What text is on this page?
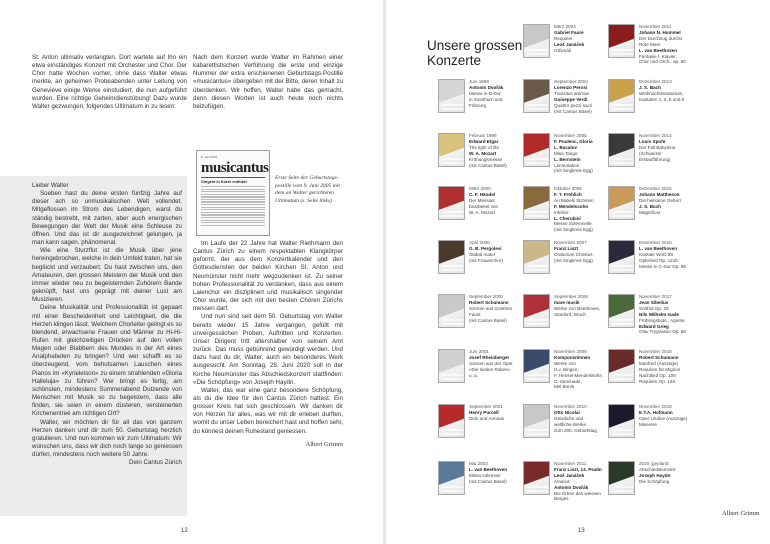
St. Anton ultimativ verlangten. Dort wartete auf Ihn ein etwa einständiges Konzert mit Orchester und Chor. Der Chor hatte Wochen vorher, ohne dass Walter etwas merkte, an geheimen Probeabenden unter Leitung von Geneviève einige Werke einstudiert, die nun aufgeführt wurden. Eine richtige Geheimdienstübung! Dazu wurde Walter gezwungen, folgendes Ultimatum in zu lesen:

Lieber Walter

Soeben hast du deine ersten fünfzig Jahre auf dieser ach so unmusikalischen Welt vollendet. Mitgeflossen im Strom des Lebendigen, warst du ständig bestrebt, mit zarten, aber auch energischen Bewegungen der Welt der Musik eine Schleuse zu öffnen. Und das ist dir ausgezeichnet gelungen, ja man kann sagen, phänomenal.

Wie eine Sturzflut ist die Musik über jene hereingebrochen, welche in dein Umfeld traten, hat sie beglückt und verzaubert. Du hast zwischen uns, den Amateuren, den grossen Meistern der Musik und den immer wieder neu zu begeisternden Zuhörern Bande geknüpft, hast uns geprägt mit deiner Lust am Musizieren.

Deine Musikalität und Professionalität ist gepaart mit einer Bescheidenheit und Leichtigkeit, die die Herzen klingen lässt. Welchem Chorleiter gelingt es so blendend, erwachsene Frauen und Männer zu Hi-Hi-Rufen mit gleichzeitigen Drücken auf den vollen Magen oder Blabbern des Mundes in der Art eines Analphabeten zu bringen? Und wer schafft es so überzeugend, vom behutsamen Lauschen eines Pianos im «Kyrieleison» zu einem strahlenden «Gloria Halleluja» zu führen? Wer bringt es fertig, am schönsten, mindestens Summerabend Dutzende von Menschen mit Musik so zu begeistern, dass alle finden, sie seien in einem düsteren, versteinerten Kirchenentreé am richtigen Ort?

Walter, wir möchten dir für all das von ganzem Herzen danken und dir zum 50. Geburtstag herzlich gratulieren. Und nun kommen wir zum Ultimatum: Wir wünschen uns, dass wir dich noch lange so geniessen dürfen, mindestens noch weitere 50 Jahre.

Dein Cantus Zürich

Nach dem Konzert wurde Walter im Rahmen einer kabarettistischen Verführung die erste und einzige Nummer der extra erschienenen Geburtstags-Postille «musicantus» übergeben mit der Bitte, deren Inhalt zu überdenken. Wir hoffen, Walter habe das gemacht, denn diesen Worten ist auch heute noch nichts beizufügen.

5. Juni 2007
musicantus
Dirigent in Kürze entführt
Erste Seite der Geburtstags-postille vom 9. Juni 2005 mit dem an Walter gerichteten Ultimatum (s. Seite links)

Im Laufe der 22 Jahre hat Walter Riethmann den Cantus Zürich zu einem respektablen Klangkörper geformt, der aus dem Konzertkalender und den Gottesdiensten der beiden Kirchen St. Anton und Neumünster nicht mehr wegzudenken ist. Zu seiner hohen Professionalität zu verdanken, dass aus einem Laienchor ein disziplinert und musikalisch singender Chor wurde, der sich mit den besten Chören Zürichs messen darf.

Und nun sind seit dem 50. Geburtstag von Walter bereits wieder 15 Jahre vergangen, gefüllt mit unvergesslichen Proben, Auftritten und Konzerten. Unser Dirigent tritt altershalber von seinem Amt zurück. Das muss gebührend gewürdigt werden. Und dazu hast du dir, Walter, auch ein besonderes Werk ausgesucht. Am Sonntag, 28. Juni 2020 soll in der Kirche Neumünster das Abschiedskonzert stattfinden: «Die Schöpfung» von Joseph Haydn.

Walter, das war eine ganz besondere Schöpfung, als du die Idee für den Cantus Zürich hattest. Ein grosser Kreis hat sich geschlossen. Wir danken dir von Herzen für alles, was wir mit dir erleben durften, womit du unser Leben bereichert hast und hoffen sehr, du könnest deinen Ruhestand geniessen.

Albert Grimm

12
Unsere grossen
Konzerte
März 2003
Gabriel Fauré
Requiem
Leoš Janáček
Otčenáš
November 2011
Johann N. Hummel
Der Durchzug durchs
Rote Meer
L. van Beethoven
Fantasie f. Klavier,
Chor und Orch., op. 80
Juni 1998
Antonín Dvořák
Messe in D-Dur
in Solothurn und
Fribourg
September 2004
Lorenzo Perosi
Transitus animae
Guiseppe Verdi
Quattro pezzi sacri
(mit Cantus Basel)
Dezember 2013
J. S. Bach
Weihnachtsoratorium,
Kantaten 1, 2, 5 und 6
Februar 1999
Edward Elgar
The light of life
W. A. Mozart
Krönungsmesse
(mit Cantus Basel)
November 2005
F. Poulenc, Gloria
L. Bacalov
Misa Tango
L. Bernstein
Lamentation
(mit Singkreis Egg)
November 2014
Louis Spohr
Der Fall Babylons
(Schweizer
Erstaufführung)
März 2000
C. F. Händel
Der Messias
bearbeitet von
W. A. Mozart
Oktober 2006
F. T. Fröhlich
An Babels Strömen
F. Mendelssohn
Infelice
L. Cherubini
Messe Solemnelle
(mit Singkreis Egg)
Dezember 2015
Johann Mattheson
Die heilsame Geburt
J. S. Bach
Magnificat
April 2000
G. B. Pergolesi
Stabat mater
(mit Frauenchor)
November 2007
Franz Liszt
Oratorium Christus
(mit Singkreis Egg)
Dezember 2016
L. van Beethoven
Kantate WoO 88
Opferlied Op. 121b
Messe in C-Dur Op. 86
September 2000
Robert Schumann
Szenen aus Goethes
Faust
(mit Cantus Basel)
September 2008
mare musik
Werke von Beethoven,
Stanford, Bruch
November 2017
Jean Sibelius
Snöfrid Op. 29
Nils Wilhelm Gade
Frühlingsbots., Agnete
Edward Grieg
Olav Trygvason Op. 50
Juni 2001
Josef Rheinberger
Szenen aus der Oper
«Die sieben Raben»
u. a.
November 2009
Komponistinnen
Werke von
H.v. Bingen,
F. Hensel-Mendelssohn
C. Saminade,
Mel Bonis
November 2018
Robert Schumann
Manfred (Auszüge)
Requiem für Mignon
Nachtlied Op. 108
Requiem Op. 148
September 2001
Henry Purcell
Dido und Aeneas
November 2010
Otto Nicolai
Geistliche und
weltliche Werke
zum 200. Geburtstag
November 2019
E.T.A. Hofmann
Oper Undine (Auszüge)
Miserere
Mai 2002
L. van Beethoven
Missa solemnis
(mit Cantus Basel)
November 2011
Franz Liszt, 13. Psalm
Leoš Janáček
Amarus
Antonín Dvořák
Die Erben des weissen
Berges
2020 (geplant)
Abschiedskonzert
Joseph Haydn
Die Schöpfung
13
Albert Grimm
